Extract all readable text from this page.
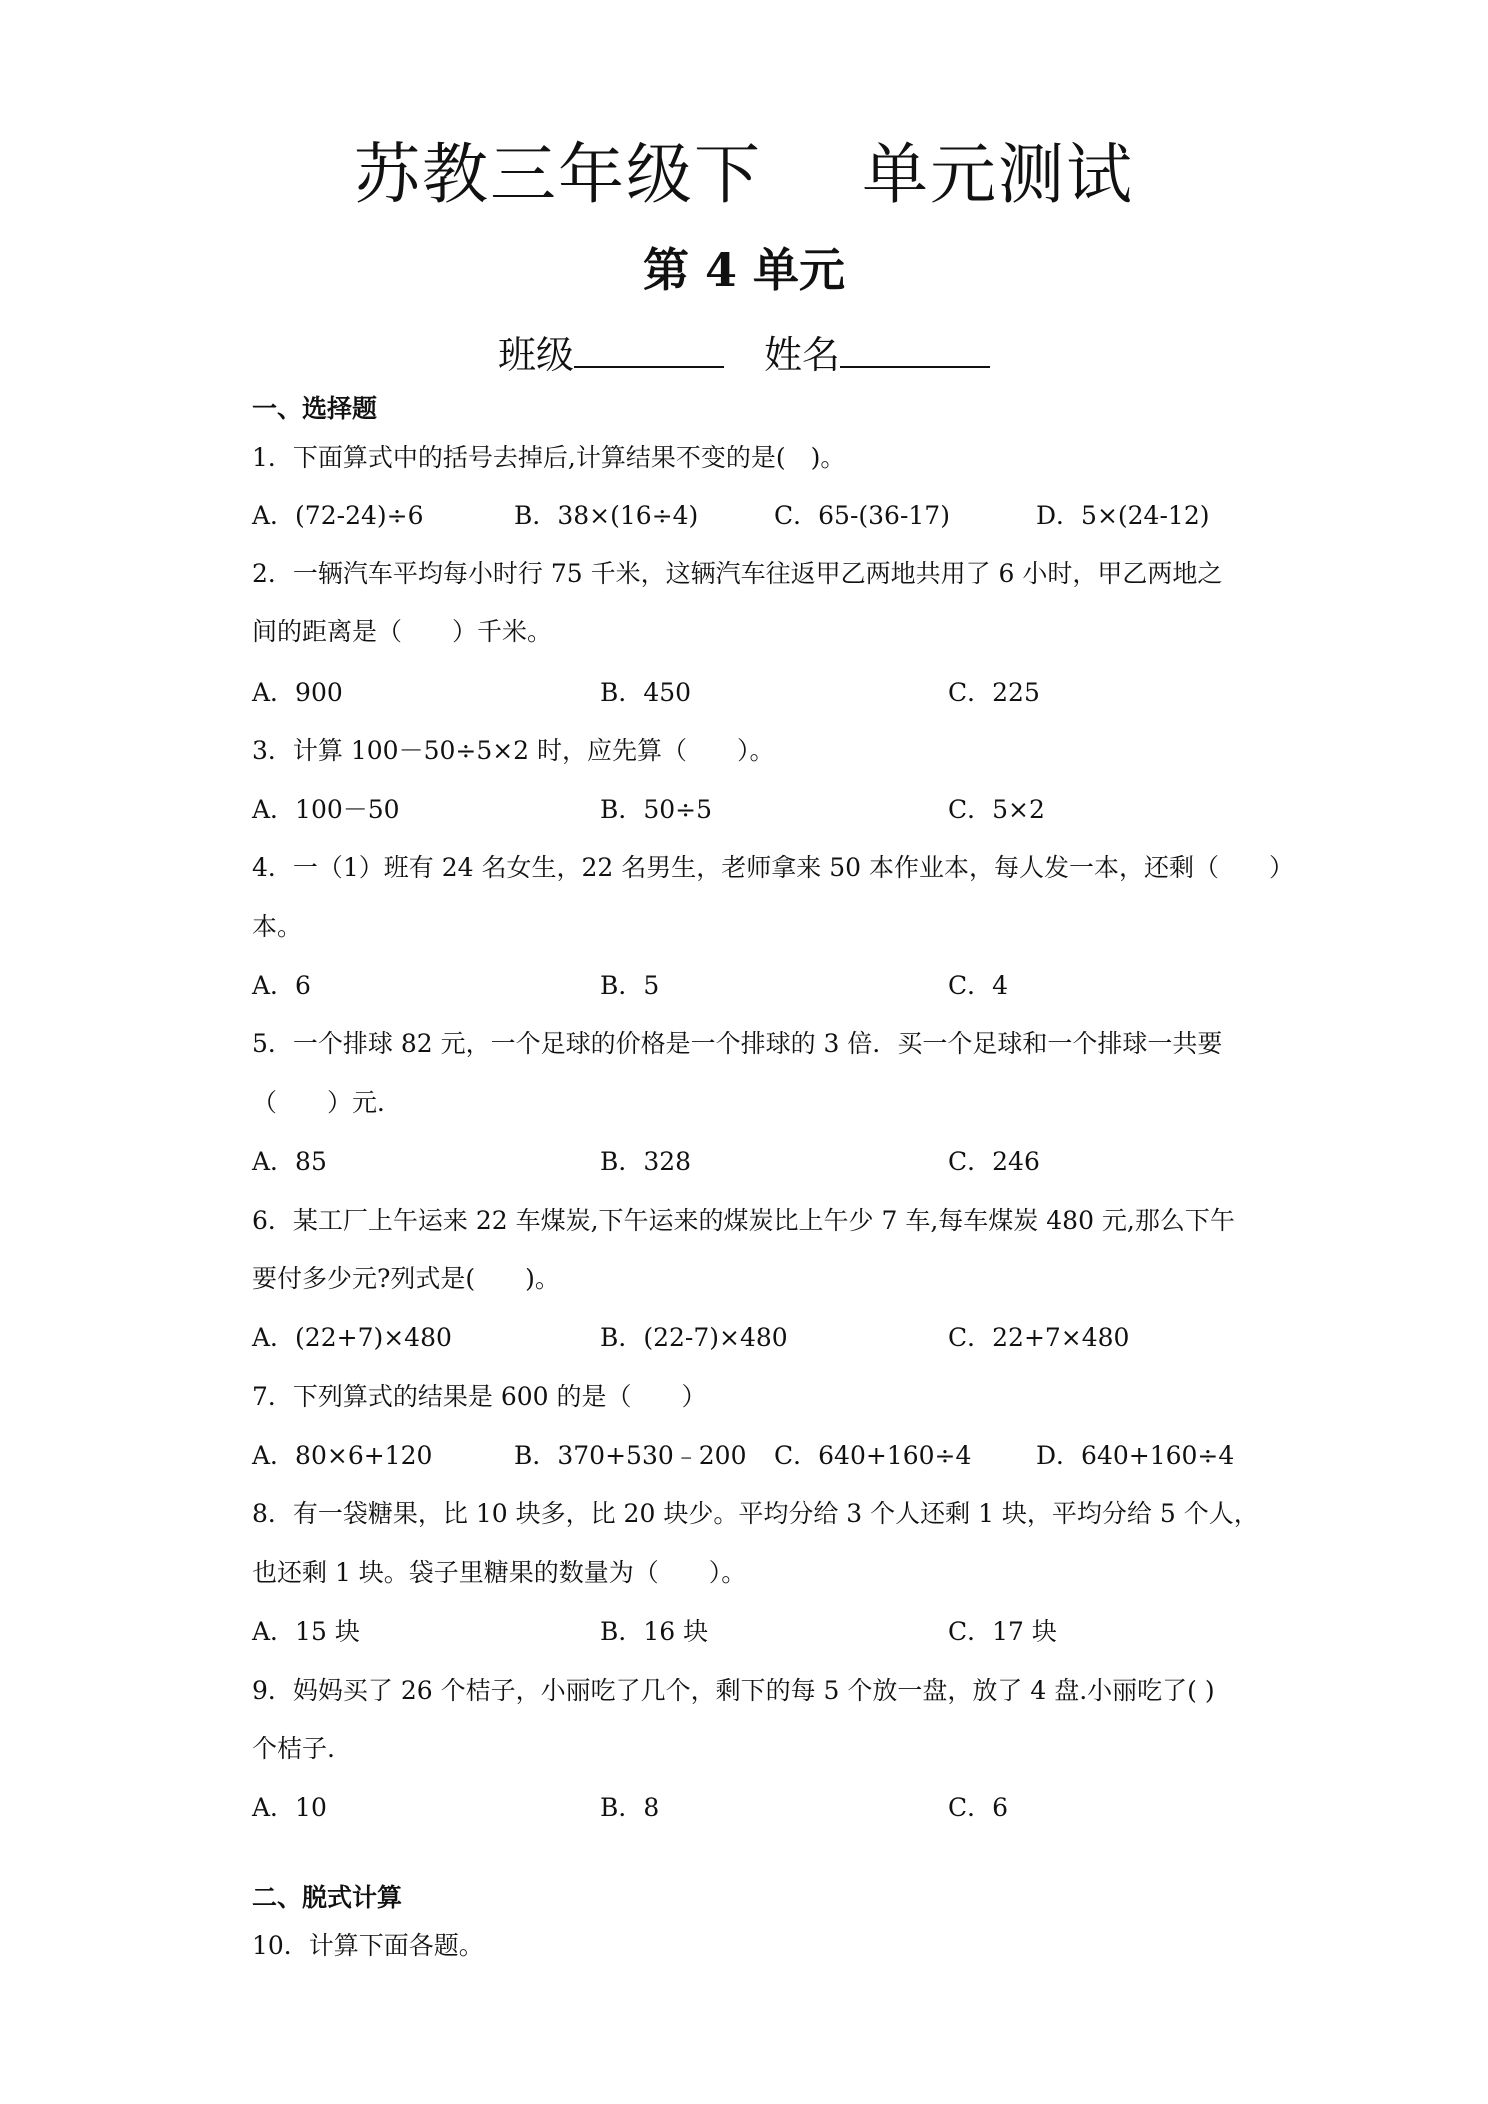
苏教三年级下 单元测试
第 4 单元
班级	姓名
一、选择题
1．下面算式中的括号去掉后,计算结果不变的是(　)。
A．(72-24)÷6	B．38×(16÷4)	C．65-(36-17)	D．5×(24-12)
2．一辆汽车平均每小时行 75 千米，这辆汽车往返甲乙两地共用了 6 小时，甲乙两地之
间的距离是（　　）千米。
A．900	B．450	C．225
3．计算 100－50÷5×2 时，应先算（　　）。
A．100－50	B．50÷5	C．5×2
4．一（1）班有 24 名女生，22 名男生，老师拿来 50 本作业本，每人发一本，还剩（　　）
本。
A．6	B．5	C．4
5．一个排球 82 元，一个足球的价格是一个排球的 3 倍．买一个足球和一个排球一共要
（　　）元．
A．85	B．328	C．246
6．某工厂上午运来 22 车煤炭,下午运来的煤炭比上午少 7 车,每车煤炭 480 元,那么下午
要付多少元?列式是(　　)。
A．(22+7)×480	B．(22-7)×480	C．22+7×480
7．下列算式的结果是 600 的是（　　）
A．80×6+120	B．370+530﹣200 C．640+160÷4	D．640+160÷4
8．有一袋糖果，比 10 块多，比 20 块少。平均分给 3 个人还剩 1 块，平均分给 5 个人，
也还剩 1 块。袋子里糖果的数量为（　　）。
A．15 块	B．16 块	C．17 块
9．妈妈买了 26 个桔子，小丽吃了几个，剩下的每 5 个放一盘，放了 4 盘.小丽吃了( )
个桔子.
A．10	B．8	C．6
二、脱式计算
10．计算下面各题。
